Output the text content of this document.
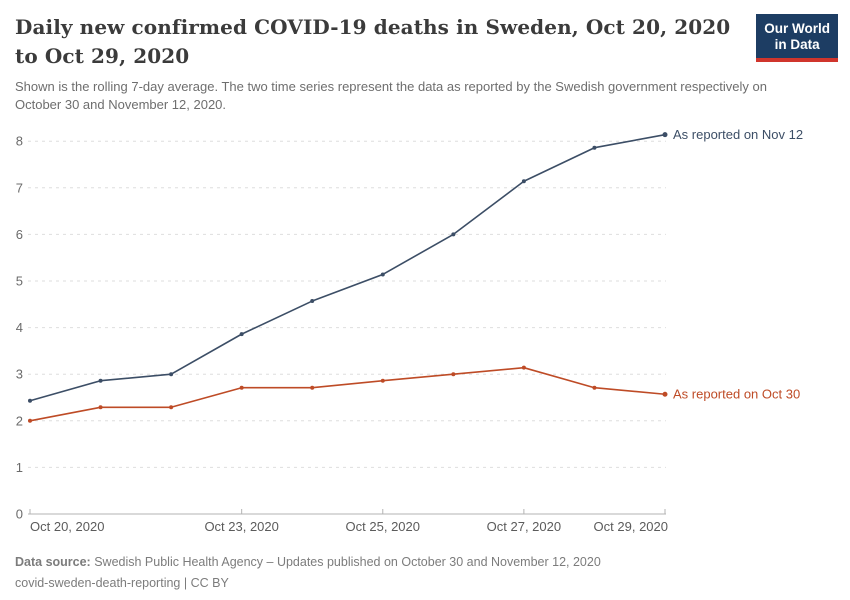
Daily new confirmed COVID-19 deaths in Sweden, Oct 20, 2020 to Oct 29, 2020
Our World
in Data
Shown is the rolling 7-day average. The two time series represent the data as reported by the Swedish government respectively on October 30 and November 12, 2020.
0
1
2
3
4
5
6
7
8
Oct 20, 2020	Oct 23, 2020	Oct 25, 2020	Oct 27, 2020 Oct 29, 2020
As reported on Nov 12
As reported on Oct 30
Data source: Swedish Public Health Agency – Updates published on October 30 and November 12, 2020
covid-sweden-death-reporting | CC BY
